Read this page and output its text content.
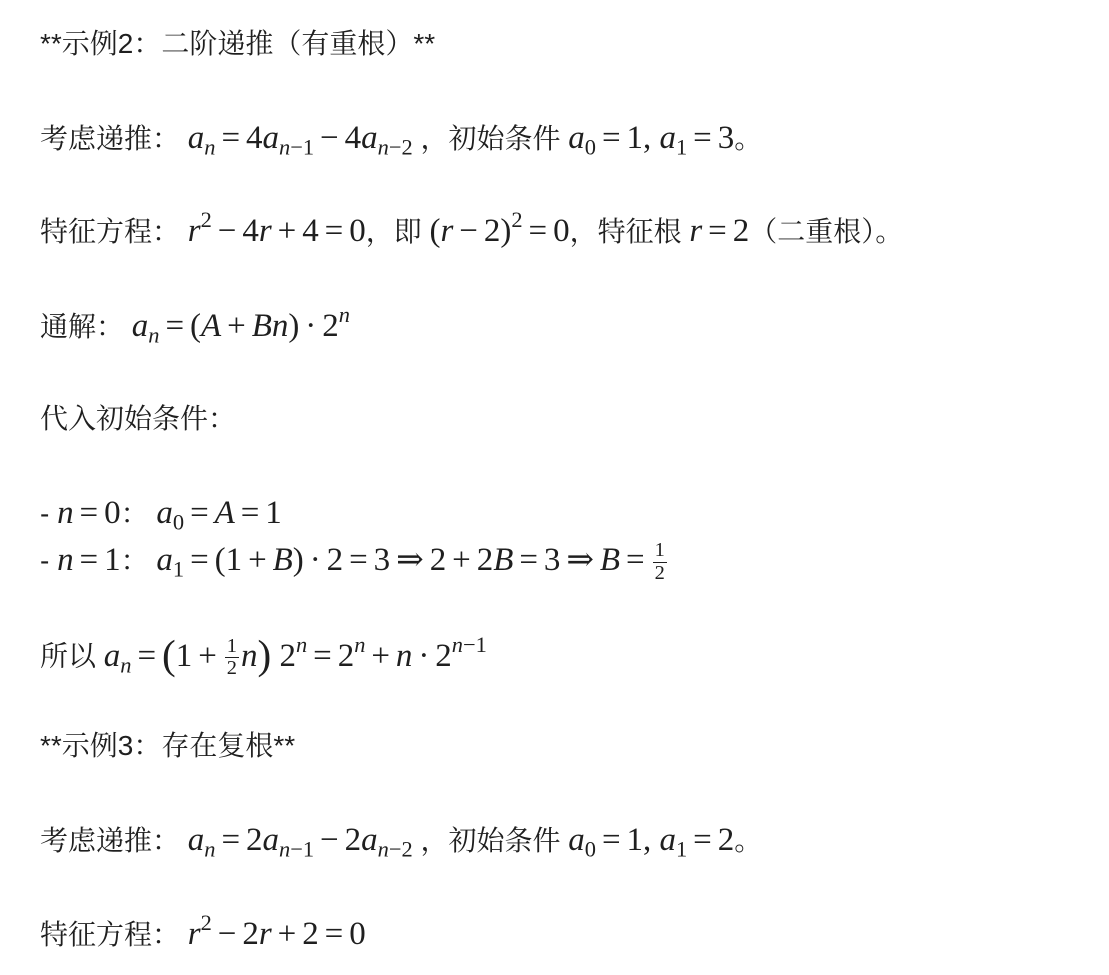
**示例2：二阶递推（有重根）**
考虑递推： $a_n = 4a_{n-1} - 4a_{n-2}$ ，初始条件 $a_0 = 1$, $a_1 = 3$。
特征方程： $r^2 - 4r + 4 = 0$，即 $(r - 2)^2 = 0$，特征根 r = 2（二重根）。
通解： $a_n = (A + Bn) \cdot 2^n$
代入初始条件：
- n = 0： $a_0 = A = 1$
- n = 1： $a_1 = (1 + B) \cdot 2 = 3$ ⇒ 2 + 2B = 3 ⇒ $B = \frac{1}{2}$
所以 $a_n = (1 + \frac{1}{2} n) 2^n = 2^n + n \cdot 2^{n-1}$
**示例3：存在复根**
考虑递推： $a_n = 2a_{n-1} - 2a_{n-2}$ ，初始条件 $a_0 = 1$, $a_1 = 2$。
特征方程： $r^2 - 2r + 2 = 0$
